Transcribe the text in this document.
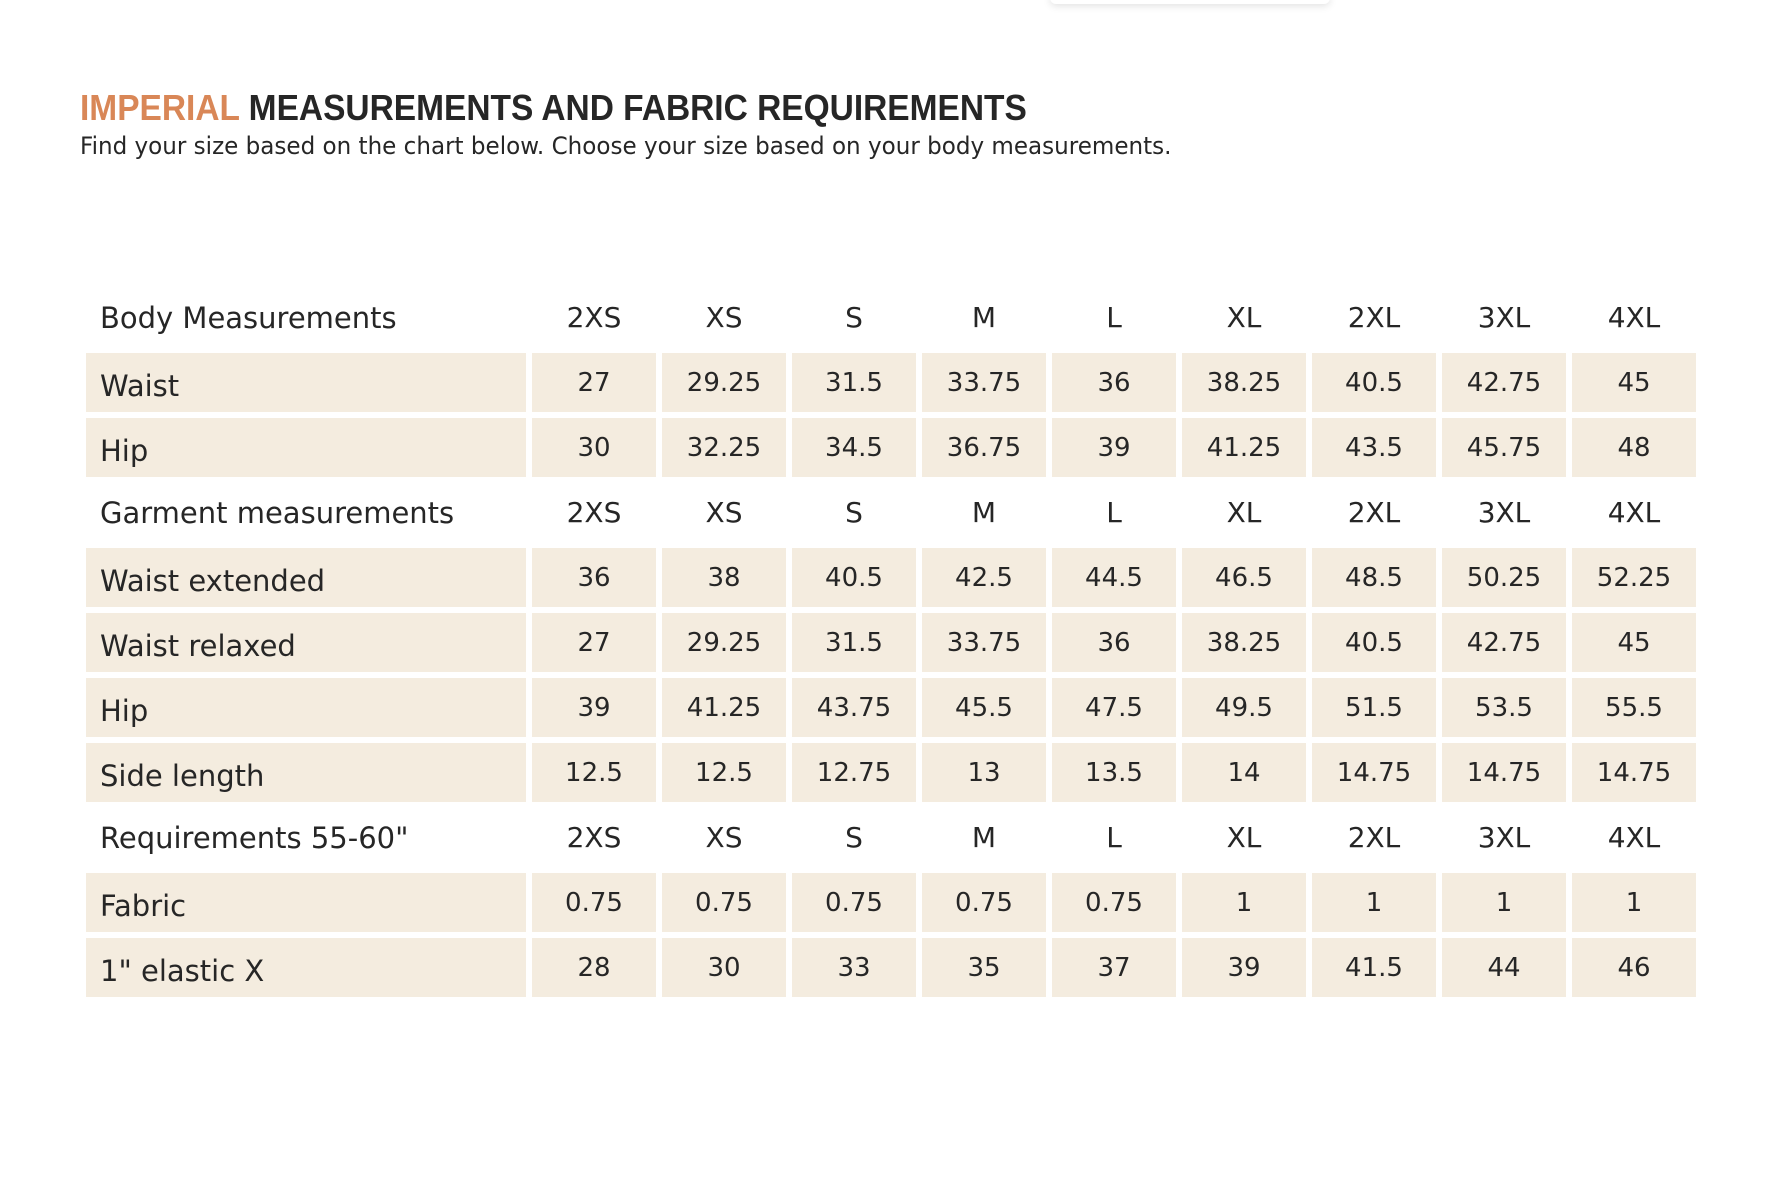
IMPERIAL MEASUREMENTS AND FABRIC REQUIREMENTS

Find your size based on the chart below. Choose your size based on your body measurements.

Body Measurements	2XS	XS	S	M	L	XL	2XL	3XL	4XL
Waist	27	29.25	31.5	33.75	36	38.25	40.5	42.75	45
Hip	30	32.25	34.5	36.75	39	41.25	43.5	45.75	48
Garment measurements	2XS	XS	S	M	L	XL	2XL	3XL	4XL
Waist extended	36	38	40.5	42.5	44.5	46.5	48.5	50.25	52.25
Waist relaxed	27	29.25	31.5	33.75	36	38.25	40.5	42.75	45
Hip	39	41.25	43.75	45.5	47.5	49.5	51.5	53.5	55.5
Side length	12.5	12.5	12.75	13	13.5	14	14.75	14.75	14.75
Requirements 55-60"	2XS	XS	S	M	L	XL	2XL	3XL	4XL
Fabric	0.75	0.75	0.75	0.75	0.75	1	1	1	1
1" elastic X	28	30	33	35	37	39	41.5	44	46
